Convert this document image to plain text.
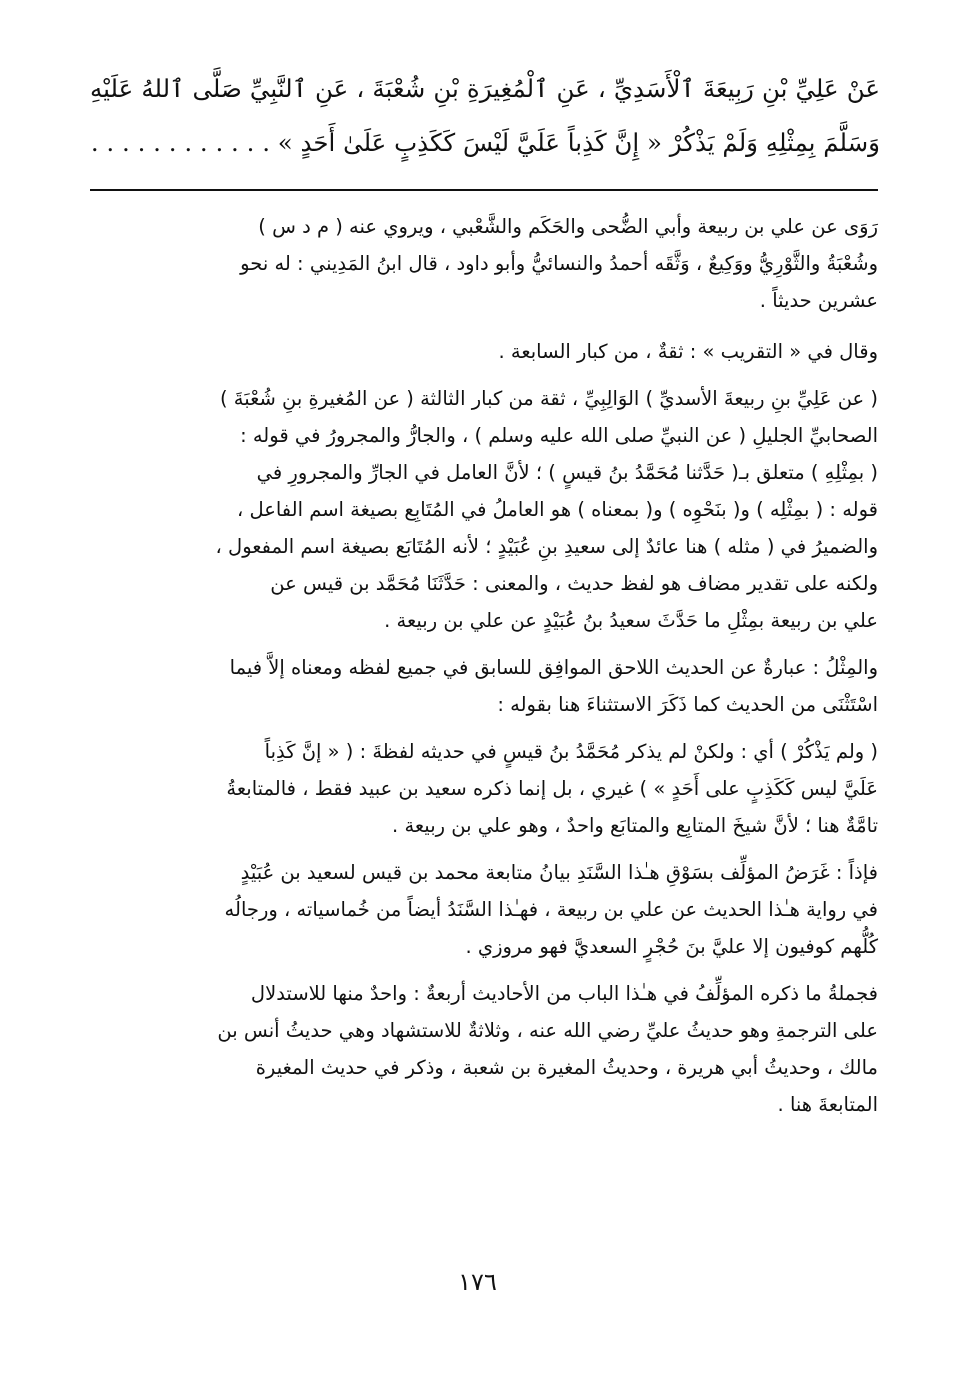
عَنْ عَلِيِّ بْنِ رَبِيعَةَ ٱلْأَسَدِيِّ ، عَنِ ٱلْمُغِيرَةِ بْنِ شُعْبَةَ ، عَنِ ٱلنَّبِيِّ صَلَّى ٱللهُ عَلَيْهِ
وَسَلَّمَ بِمِثْلِهِ وَلَمْ يَذْكُرْ « إِنَّ كَذِباً عَلَيَّ لَيْسَ كَكَذِبٍ عَلَىٰ أَحَدٍ » . . . . . . . . . . . .
رَوَى عن علي بن ربيعة وأبي الضُّحى والحَكَم والشَّعْبي ، ويروي عنه ( م د س )
وشُعْبَةُ والثَّوْرِيُّ ووَكِيعٌ ، وَثَّقَه أحمدُ والنسائيُّ وأبو داود ، قال ابنُ المَدِيني : له نحو
عشرين حديثاً .
وقال في « التقريب » : ثقةٌ ، من كبار السابعة .
( عن عَلِيِّ بنِ ربيعةَ الأسديِّ ) الوَالِبِيِّ ، ثقة من كبار الثالثة ( عن المُغيرةِ بنِ شُعْبَةَ )
الصحابيِّ الجليلِ ( عن النبيِّ صلى الله عليه وسلم ) ، والجارُّ والمجرورُ في قوله :
( بمِثْلِهِ ) متعلق بـ( حَدَّثنا مُحَمَّدُ بنُ قيسٍ ) ؛ لأنَّ العامل في الجارِّ والمجرورِ في
قوله : ( بمِثْلِه ) و( بنَحْوِه ) و( بمعناه ) هو العاملُ في المُتَابِع بصيغة اسم الفاعل ،
والضميرُ في ( مثله ) هنا عائدٌ إلى سعيدِ بنِ عُبَيْدٍ ؛ لأنه المُتَابَع بصيغة اسم المفعول ،
ولكنه على تقدير مضاف هو لفظ حديث ، والمعنى : حَدَّثَنَا مُحَمَّد بن قيس عن
علي بن ربيعة بمِثْلِ ما حَدَّثَ سعيدُ بنُ عُبَيْدٍ عن علي بن ربيعة .
والمِثْلُ : عبارةٌ عن الحديث اللاحق الموافِق للسابق في جميع لفظه ومعناه إلاَّ فيما
اسْتَثْنَى من الحديث كما ذَكَرَ الاستثناءَ هنا بقوله :
( ولم يَذْكُرْ ) أي : ولكنْ لم يذكر مُحَمَّدُ بنُ قيسٍ في حديثه لفظةَ : ( « إنَّ كَذِباً
عَلَيَّ ليس كَكَذِبٍ على أَحَدٍ » ) غيري ، بل إنما ذكره سعيد بن عبيد فقط ، فالمتابعةُ
تامَّةٌ هنا ؛ لأنَّ شيخَ المتابِع والمتابَع واحدٌ ، وهو علي بن ربيعة .
فإذاً : غَرَضُ المؤلِّف بسَوْقِ هـٰذا السَّنَدِ بيانُ متابعة محمد بن قيس لسعيد بن عُبَيْدٍ
في رواية هـٰذا الحديث عن علي بن ربيعة ، فهـٰذا السَّنَدُ أيضاً من خُماسياته ، ورجالُه
كُلُّهم كوفيون إلا عليَّ بنَ حُجْرٍ السعديَّ فهو مروزي .
فجملةُ ما ذكره المؤلِّفُ في هـٰذا الباب من الأحاديث أربعةٌ : واحدٌ منها للاستدلال
على الترجمةِ وهو حديثُ عليِّ رضي الله عنه ، وثلاثةٌ للاستشهاد وهي حديثُ أنس بن
مالك ، وحديثُ أبي هريرة ، وحديثُ المغيرة بن شعبة ، وذكر في حديث المغيرة
المتابعةَ هنا .
١٧٦
